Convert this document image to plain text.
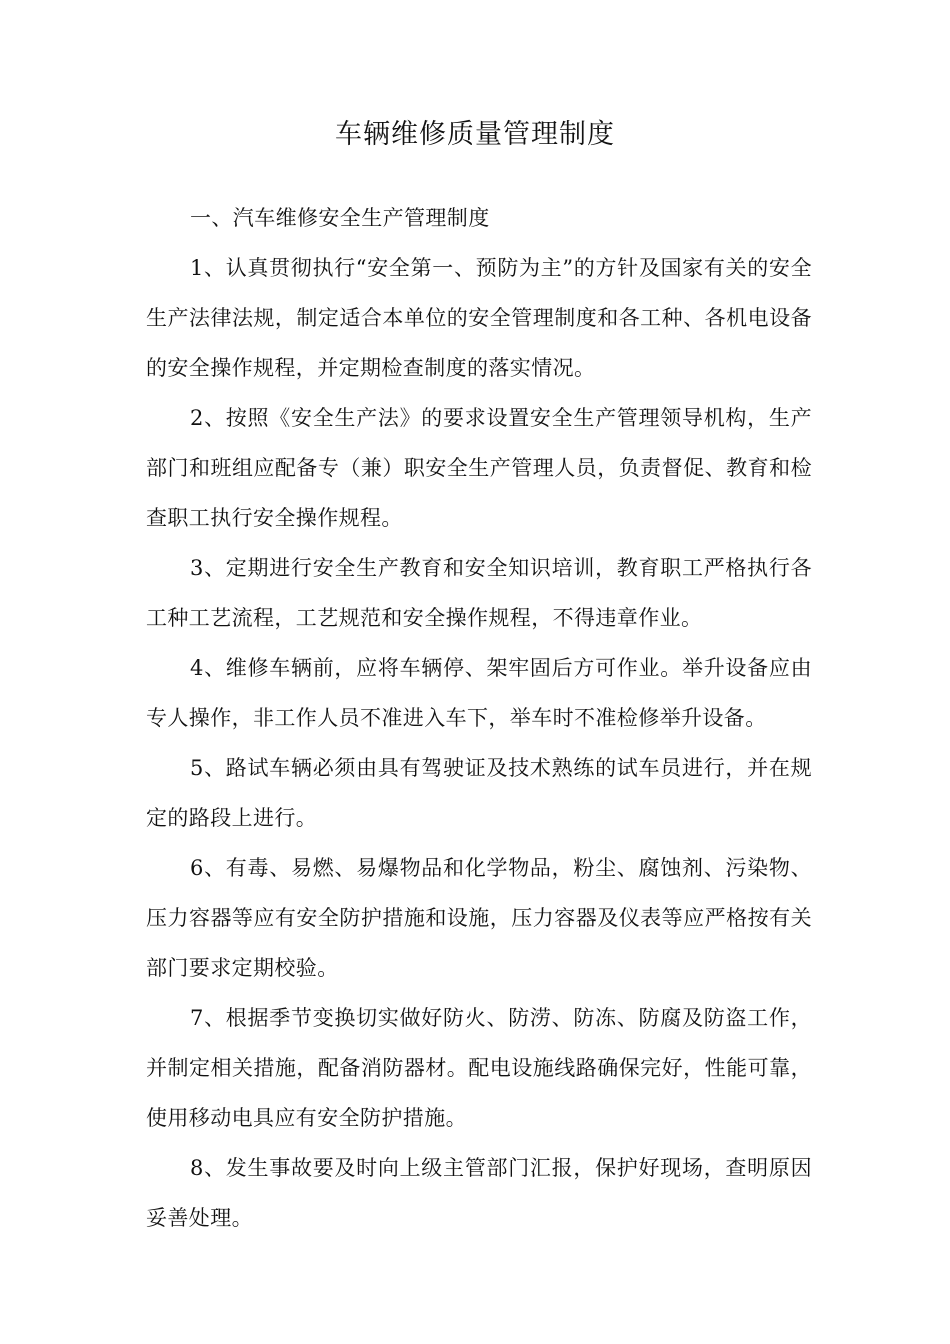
车辆维修质量管理制度

一、汽车维修安全生产管理制度

1、认真贯彻执行“安全第一、预防为主”的方针及国家有关的安全生产法律法规，制定适合本单位的安全管理制度和各工种、各机电设备的安全操作规程，并定期检查制度的落实情况。

2、按照《安全生产法》的要求设置安全生产管理领导机构，生产部门和班组应配备专（兼）职安全生产管理人员，负责督促、教育和检查职工执行安全操作规程。

3、定期进行安全生产教育和安全知识培训，教育职工严格执行各工种工艺流程，工艺规范和安全操作规程，不得违章作业。

4、维修车辆前，应将车辆停、架牢固后方可作业。举升设备应由专人操作，非工作人员不准进入车下，举车时不准检修举升设备。

5、路试车辆必须由具有驾驶证及技术熟练的试车员进行，并在规定的路段上进行。

6、有毒、易燃、易爆物品和化学物品，粉尘、腐蚀剂、污染物、压力容器等应有安全防护措施和设施，压力容器及仪表等应严格按有关部门要求定期校验。

7、根据季节变换切实做好防火、防涝、防冻、防腐及防盗工作，并制定相关措施，配备消防器材。配电设施线路确保完好，性能可靠，使用移动电具应有安全防护措施。

8、发生事故要及时向上级主管部门汇报，保护好现场，查明原因妥善处理。
